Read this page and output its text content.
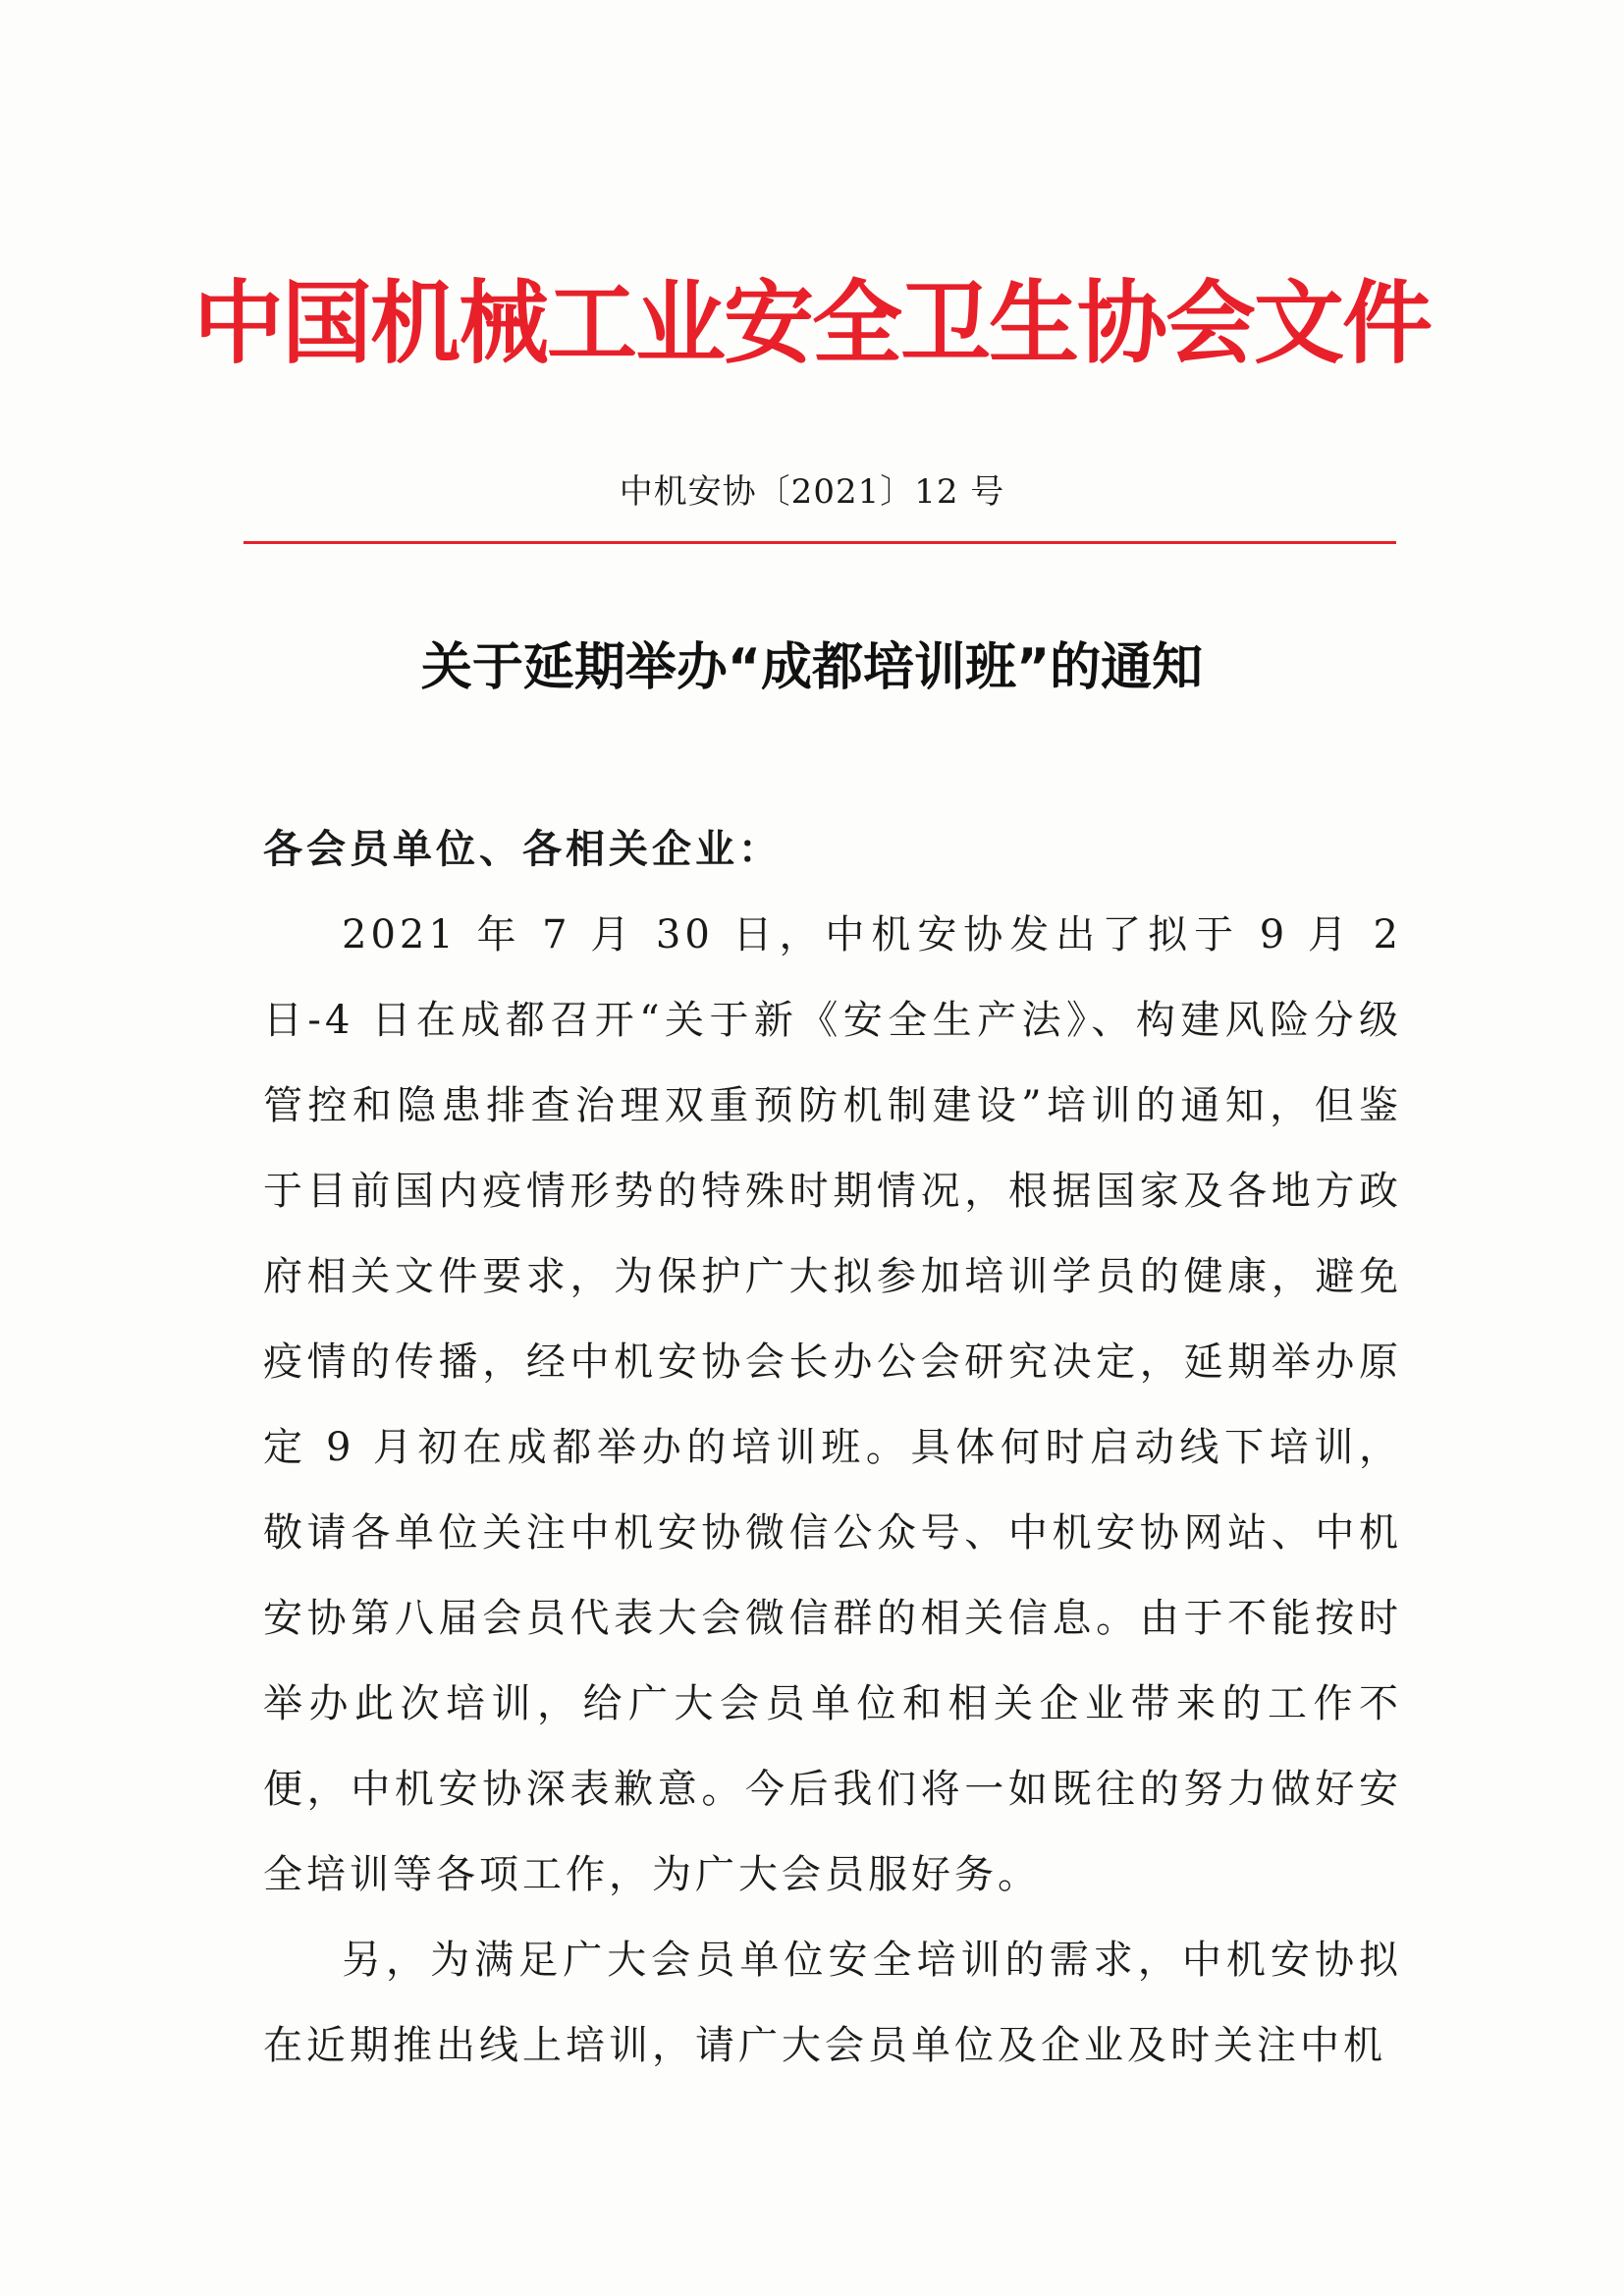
中国机械工业安全卫生协会文件
中机安协〔2021〕12 号
关于延期举办“成都培训班”的通知

各会员单位、各相关企业：

2021 年 7 月 30 日，中机安协发出了拟于 9 月 2 日-4 日在成都召开“关于新《安全生产法》、构建风险分级管控和隐患排查治理双重预防机制建设”培训的通知，但鉴于目前国内疫情形势的特殊时期情况，根据国家及各地方政府相关文件要求，为保护广大拟参加培训学员的健康，避免疫情的传播，经中机安协会长办公会研究决定，延期举办原定 9 月初在成都举办的培训班。具体何时启动线下培训，敬请各单位关注中机安协微信公众号、中机安协网站、中机安协第八届会员代表大会微信群的相关信息。由于不能按时举办此次培训，给广大会员单位和相关企业带来的工作不便，中机安协深表歉意。今后我们将一如既往的努力做好安全培训等各项工作，为广大会员服好务。

另，为满足广大会员单位安全培训的需求，中机安协拟在近期推出线上培训，请广大会员单位及企业及时关注中机
